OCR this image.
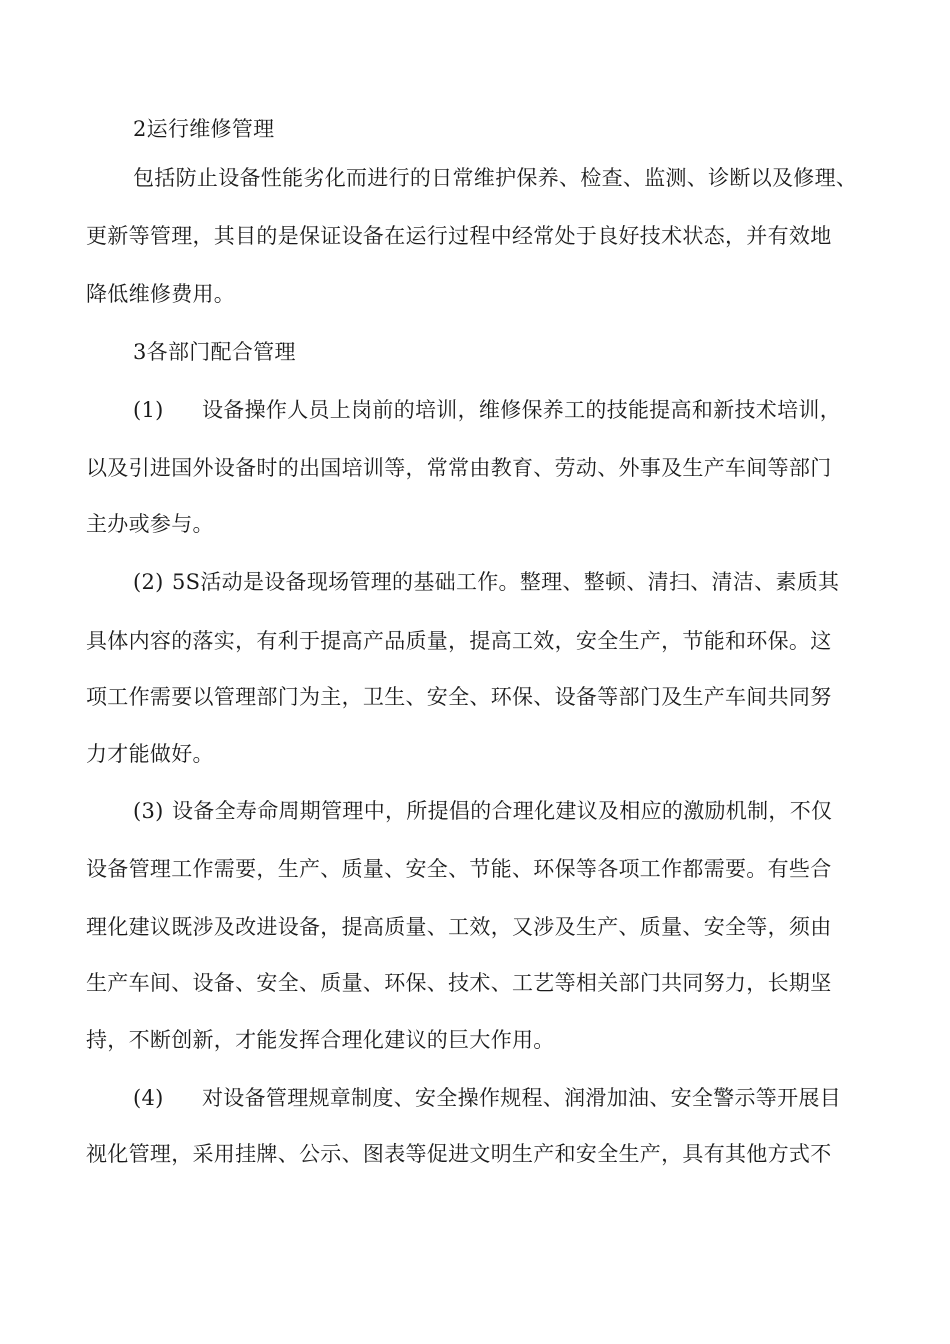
2运行维修管理
包括防止设备性能劣化而进行的日常维护保养、检查、监测、诊断以及修理、
更新等管理，其目的是保证设备在运行过程中经常处于良好技术状态，并有效地
降低维修费用。
3各部门配合管理
(1) 设备操作人员上岗前的培训，维修保养工的技能提高和新技术培训，
以及引进国外设备时的出国培训等，常常由教育、劳动、外事及生产车间等部门
主办或参与。
(2) 5S活动是设备现场管理的基础工作。整理、整顿、清扫、清洁、素质其
具体内容的落实，有利于提高产品质量，提高工效，安全生产，节能和环保。这
项工作需要以管理部门为主，卫生、安全、环保、设备等部门及生产车间共同努
力才能做好。
(3) 设备全寿命周期管理中，所提倡的合理化建议及相应的激励机制，不仅
设备管理工作需要，生产、质量、安全、节能、环保等各项工作都需要。有些合
理化建议既涉及改进设备，提高质量、工效，又涉及生产、质量、安全等，须由
生产车间、设备、安全、质量、环保、技术、工艺等相关部门共同努力，长期坚
持，不断创新，才能发挥合理化建议的巨大作用。
(4) 对设备管理规章制度、安全操作规程、润滑加油、安全警示等开展目
视化管理，采用挂牌、公示、图表等促进文明生产和安全生产，具有其他方式不
